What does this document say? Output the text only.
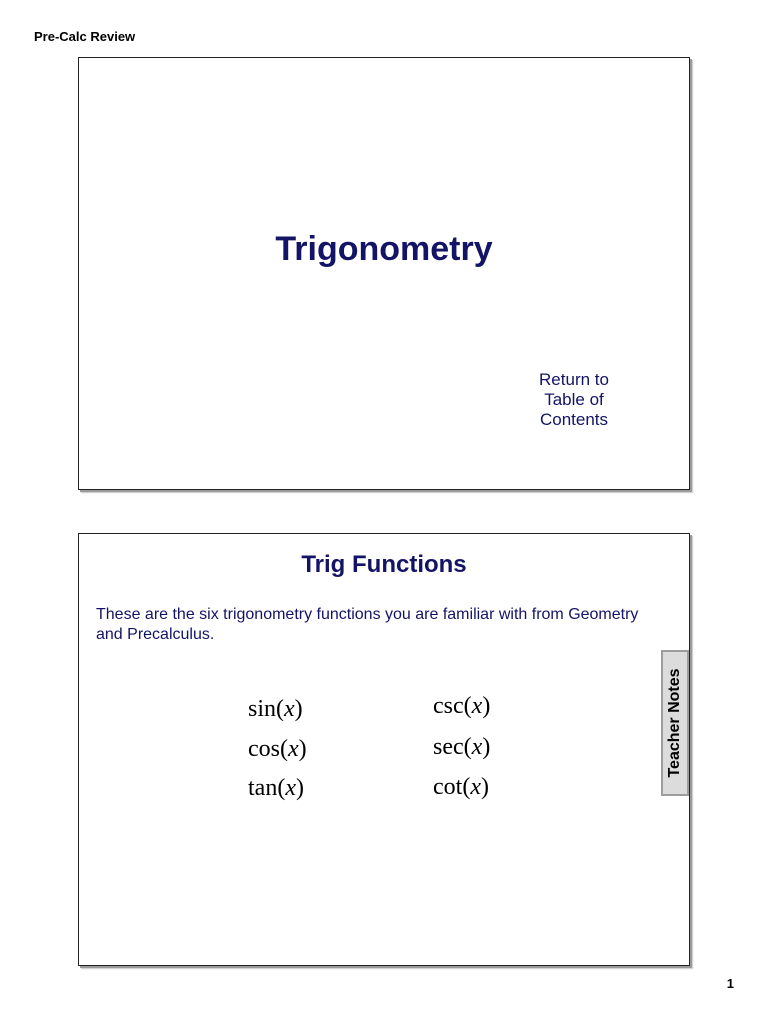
Pre-Calc Review
Trigonometry
Return to
Table of
Contents
Trig Functions
These are the six trigonometry functions you are familiar with from Geometry and Precalculus.
sin(x)
cos(x)
tan(x)
csc(x)
sec(x)
cot(x)
Teacher Notes
1
